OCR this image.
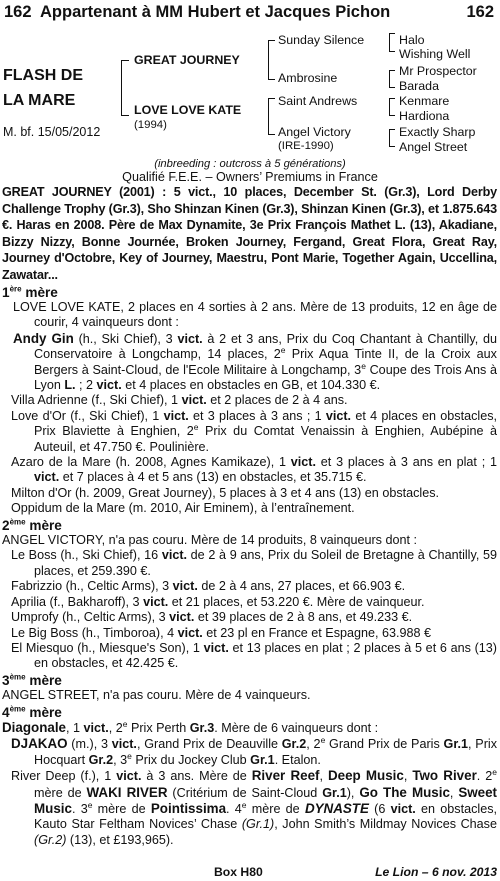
162 Appartenant à MM Hubert et Jacques Pichon	162
FLASH DE
LA MARE
M. bf. 15/05/2012
GREAT JOURNEY
LOVE LOVE KATE
(1994)
Sunday Silence
Ambrosine
Saint Andrews
Angel Victory
(IRE-1990)
Halo
Wishing Well
Mr Prospector
Barada
Kenmare
Hardiona
Exactly Sharp
Angel Street
(inbreeding : outcross à 5 générations)
Qualifié F.E.E. – Owners’ Premiums in France

GREAT JOURNEY (2001) : 5 vict., 10 places, December St. (Gr.3), Lord Derby Challenge Trophy (Gr.3), Sho Shinzan Kinen (Gr.3), Shinzan Kinen (Gr.3), et 1.875.643 €. Haras en 2008. Père de Max Dynamite, 3e Prix François Mathet L. (13), Akadiane, Bizzy Nizzy, Bonne Journée, Broken Journey, Fergand, Great Flora, Great Ray, Journey d'Octobre, Key of Journey, Maestru, Pont Marie, Together Again, Uccellina, Zawatar...

1ère mère

LOVE LOVE KATE, 2 places en 4 sorties à 2 ans. Mère de 13 produits, 12 en âge de courir, 4 vainqueurs dont :

Andy Gin (h., Ski Chief), 3 vict. à 2 et 3 ans, Prix du Coq Chantant à Chantilly, du Conservatoire à Longchamp, 14 places, 2e Prix Aqua Tinte II, de la Croix aux Bergers à Saint-Cloud, de l'Ecole Militaire à Longchamp, 3e Coupe des Trois Ans à Lyon L. ; 2 vict. et 4 places en obstacles en GB, et 104.330 €.

Villa Adrienne (f., Ski Chief), 1 vict. et 2 places de 2 à 4 ans.

Love d'Or (f., Ski Chief), 1 vict. et 3 places à 3 ans ; 1 vict. et 4 places en obstacles, Prix Blaviette à Enghien, 2e Prix du Comtat Venaissin à Enghien, Aubépine à Auteuil, et 47.750 €. Poulinière.

Azaro de la Mare (h. 2008, Agnes Kamikaze), 1 vict. et 3 places à 3 ans en plat ; 1 vict. et 7 places à 4 et 5 ans (13) en obstacles, et 35.715 €.

Milton d'Or (h. 2009, Great Journey), 5 places à 3 et 4 ans (13) en obstacles.

Oppidum de la Mare (m. 2010, Air Eminem), à l’entraînement.

2ème mère

ANGEL VICTORY, n'a pas couru. Mère de 14 produits, 8 vainqueurs dont :

Le Boss (h., Ski Chief), 16 vict. de 2 à 9 ans, Prix du Soleil de Bretagne à Chantilly, 59 places, et 259.390 €.

Fabrizzio (h., Celtic Arms), 3 vict. de 2 à 4 ans, 27 places, et 66.903 €.

Aprilia (f., Bakharoff), 3 vict. et 21 places, et 53.220 €. Mère de vainqueur.

Umprofy (h., Celtic Arms), 3 vict. et 39 places de 2 à 8 ans, et 49.233 €.

Le Big Boss (h., Timboroa), 4 vict. et 23 pl en France et Espagne, 63.988 €

El Miesquo (h., Miesque's Son), 1 vict. et 13 places en plat ; 2 places à 5 et 6 ans (13) en obstacles, et 42.425 €.

3ème mère

ANGEL STREET, n'a pas couru. Mère de 4 vainqueurs.

4ème mère

Diagonale, 1 vict., 2e Prix Perth Gr.3. Mère de 6 vainqueurs dont :

DJAKAO (m.), 3 vict., Grand Prix de Deauville Gr.2, 2e Grand Prix de Paris Gr.1, Prix Hocquart Gr.2, 3e Prix du Jockey Club Gr.1. Etalon.

River Deep (f.), 1 vict. à 3 ans. Mère de River Reef, Deep Music, Two River. 2e mère de WAKI RIVER (Critérium de Saint-Cloud Gr.1), Go The Music, Sweet Music. 3e mère de Pointissima. 4e mère de DYNASTE (6 vict. en obstacles, Kauto Star Feltham Novices’ Chase (Gr.1), John Smith’s Mildmay Novices Chase (Gr.2) (13), et £193,965).

Box H80	Le Lion – 6 nov. 2013
